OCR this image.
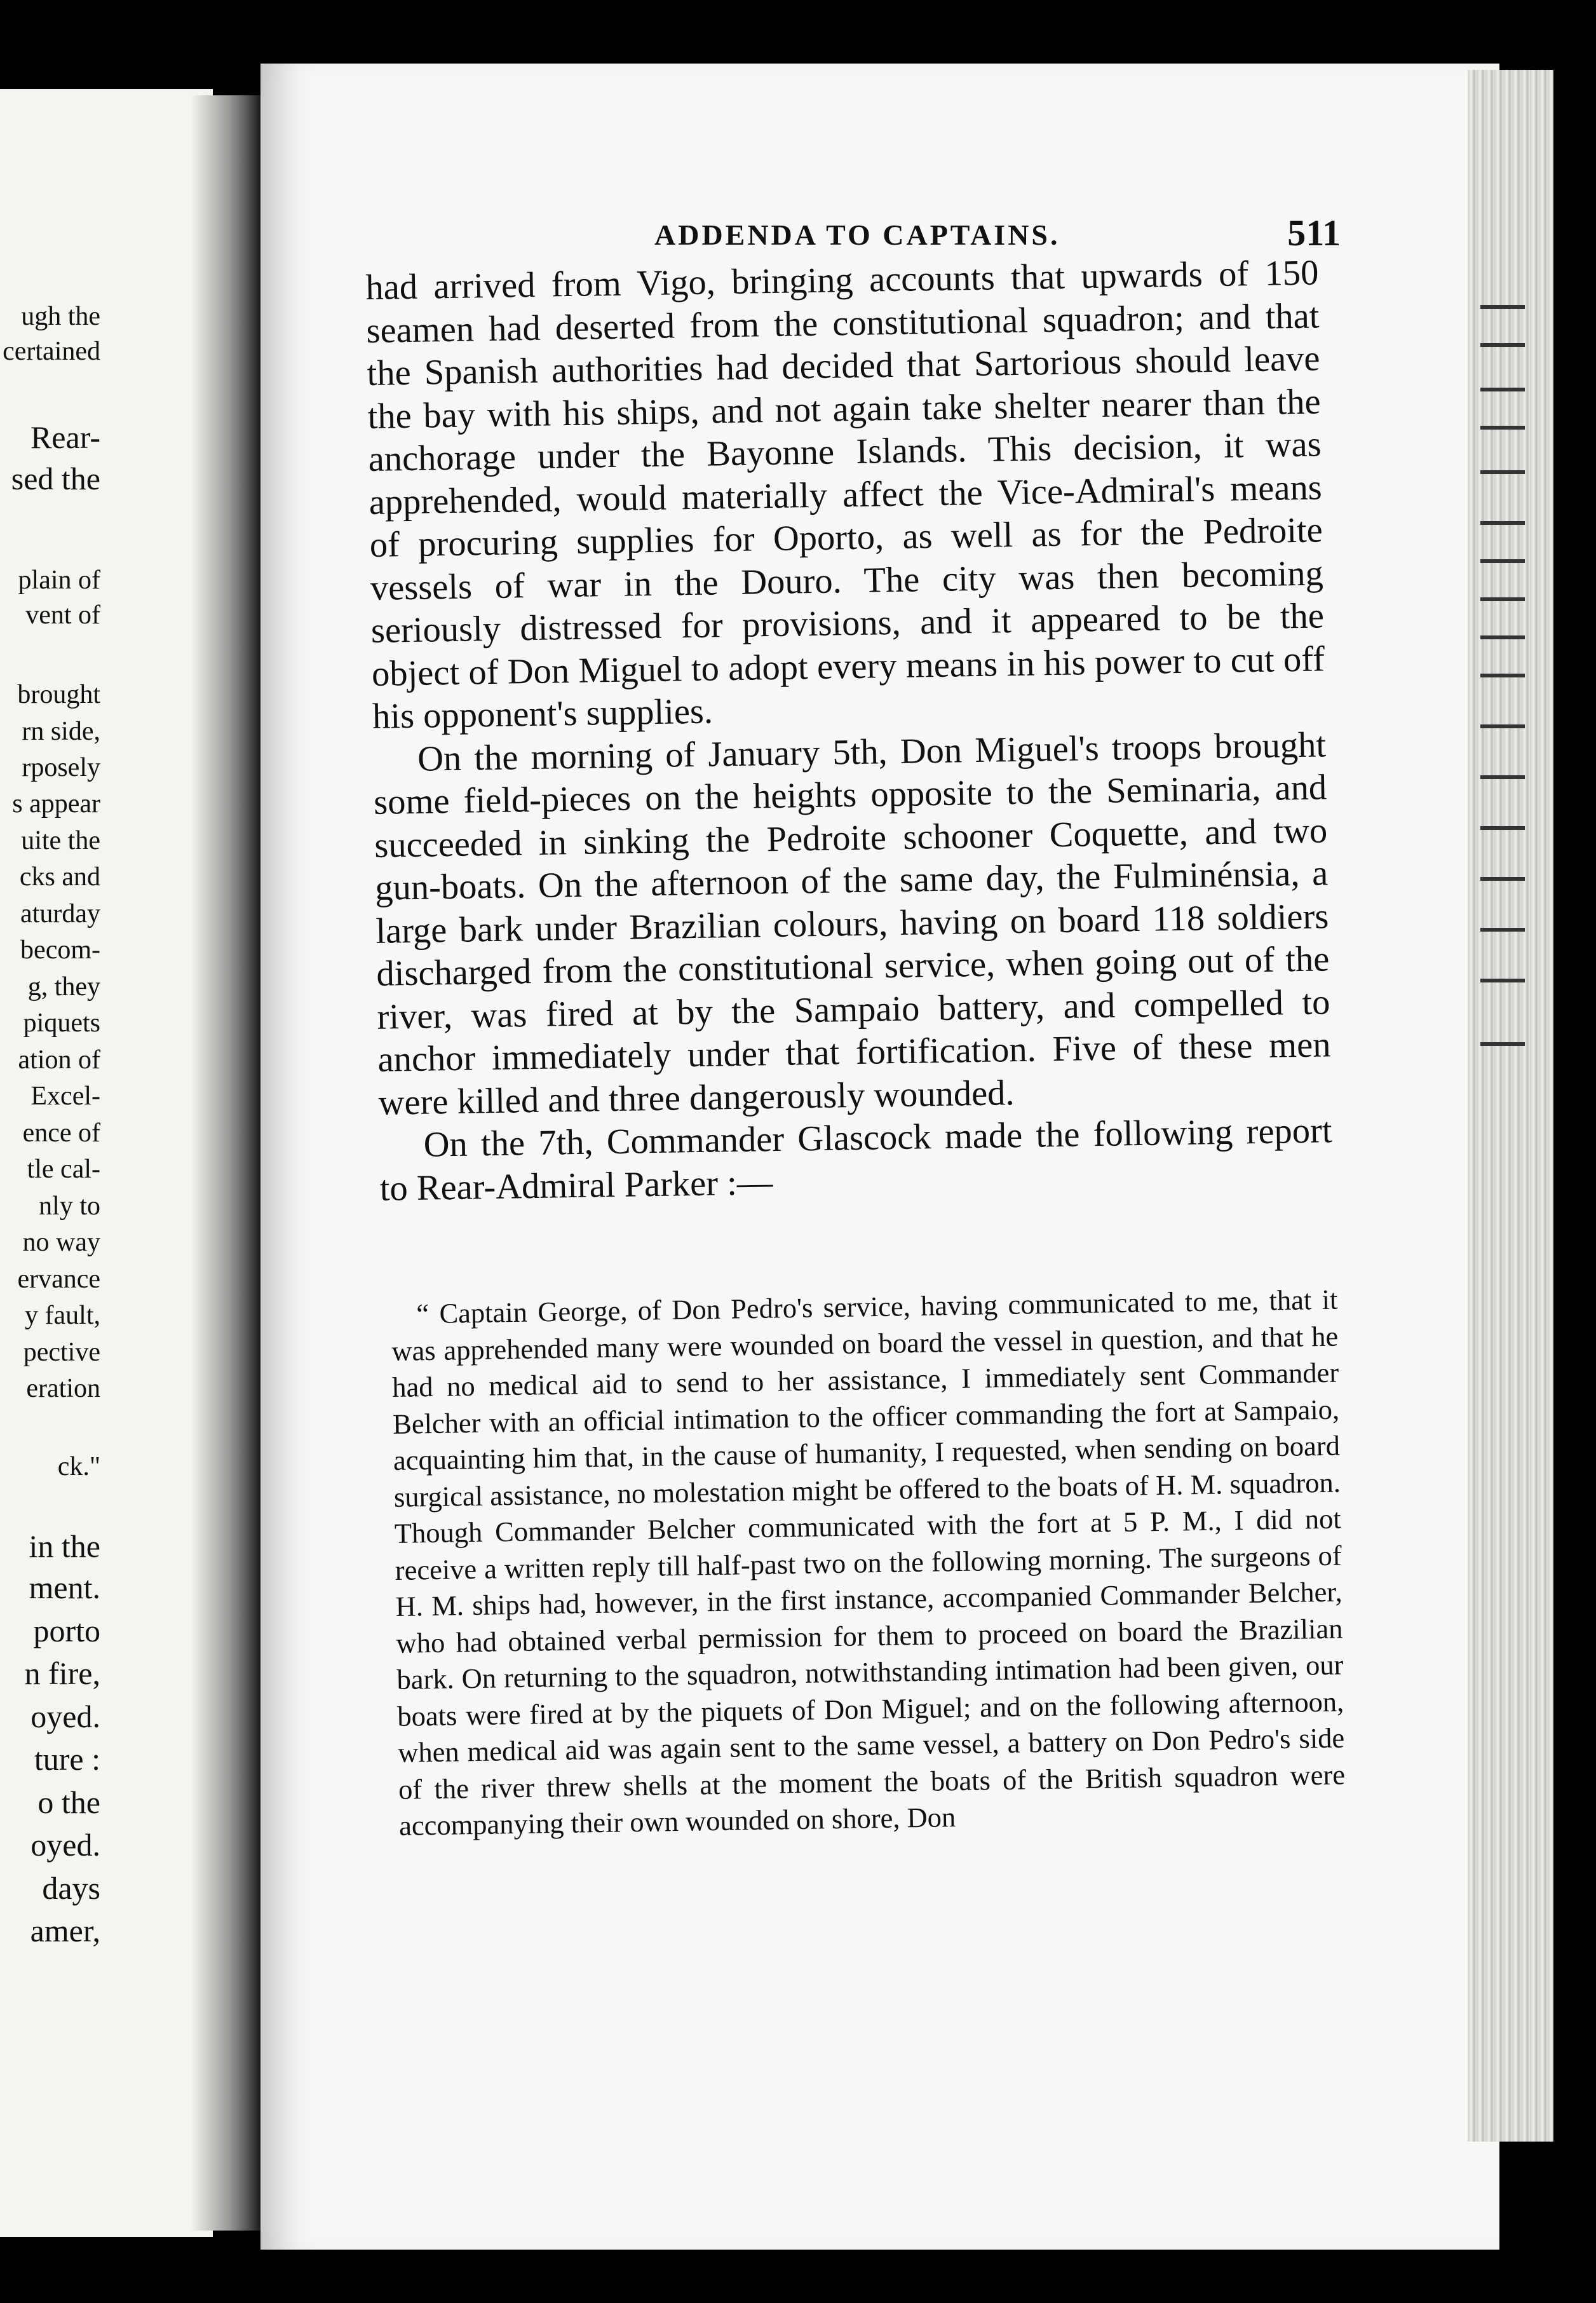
ugh the
certained
Rear-
sed the
plain of
vent of
brought
rn side,
rposely
s appear
uite the
cks and
aturday
becom-
g, they
piquets
ation of
Excel-
ence of
tle cal-
nly to
no way
ervance
y fault,
pective
eration
ck."
in the
ment.
porto
n fire,
oyed.
ture :
o the
oyed.
days
amer,
ADDENDA TO CAPTAINS.	511

had arrived from Vigo, bringing accounts that upwards of 150 seamen had deserted from the constitutional squadron; and that the Spanish authorities had decided that Sartorious should leave the bay with his ships, and not again take shelter nearer than the anchorage under the Bayonne Islands. This decision, it was apprehended, would materially affect the Vice-Admiral's means of procuring supplies for Oporto, as well as for the Pedroite vessels of war in the Douro. The city was then becoming seriously distressed for provisions, and it appeared to be the object of Don Miguel to adopt every means in his power to cut off his opponent's supplies.

On the morning of January 5th, Don Miguel's troops brought some field-pieces on the heights opposite to the Seminaria, and succeeded in sinking the Pedroite schooner Coquette, and two gun-boats. On the afternoon of the same day, the Fulminénsia, a large bark under Brazilian colours, having on board 118 soldiers discharged from the constitutional service, when going out of the river, was fired at by the Sampaio battery, and compelled to anchor immediately under that fortification. Five of these men were killed and three dangerously wounded.

On the 7th, Commander Glascock made the following report to Rear-Admiral Parker :—

“ Captain George, of Don Pedro's service, having communicated to me, that it was apprehended many were wounded on board the vessel in question, and that he had no medical aid to send to her assistance, I immediately sent Commander Belcher with an official intimation to the officer commanding the fort at Sampaio, acquainting him that, in the cause of humanity, I requested, when sending on board surgical assistance, no molestation might be offered to the boats of H. M. squadron. Though Commander Belcher communicated with the fort at 5 P. M., I did not receive a written reply till half-past two on the following morning. The surgeons of H. M. ships had, however, in the first instance, accompanied Commander Belcher, who had obtained verbal permission for them to proceed on board the Brazilian bark. On returning to the squadron, notwithstanding intimation had been given, our boats were fired at by the piquets of Don Miguel; and on the following afternoon, when medical aid was again sent to the same vessel, a battery on Don Pedro's side of the river threw shells at the moment the boats of the British squadron were accompanying their own wounded on shore, Don
